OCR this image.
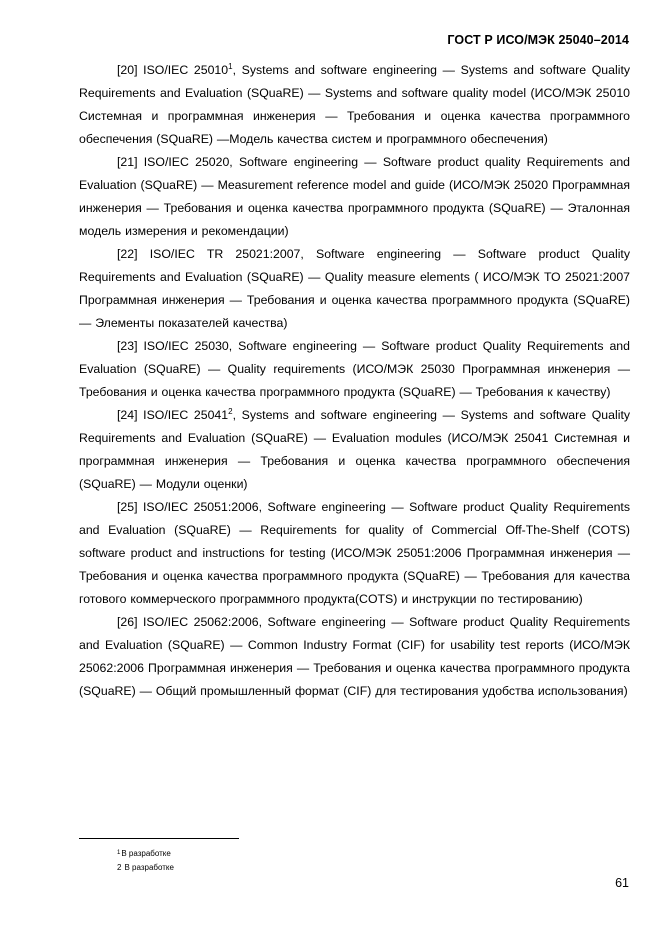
ГОСТ Р ИСО/МЭК 25040–2014

[20] ISO/IEC 25010$^1$, Systems and software engineering — Systems and software Quality Requirements and Evaluation (SQuaRE) — Systems and software quality model (ИСО/МЭК 25010 Системная и программная инженерия — Требования и оценка качества программного обеспечения (SQuaRE) —Модель качества систем и программного обеспечения)

[21] ISO/IEC 25020, Software engineering — Software product quality Requirements and Evaluation (SQuaRE) — Measurement reference model and guide (ИСО/МЭК 25020 Программная инженерия — Требования и оценка качества программного продукта (SQuaRE) — Эталонная модель измерения и рекомендации)

[22] ISO/IEC TR 25021:2007, Software engineering — Software product Quality Requirements and Evaluation (SQuaRE) — Quality measure elements ( ИСО/МЭК ТО 25021:2007 Программная инженерия — Требования и оценка качества программного продукта (SQuaRE) — Элементы показателей качества)

[23] ISO/IEC 25030, Software engineering — Software product Quality Requirements and Evaluation (SQuaRE) — Quality requirements (ИСО/МЭК 25030 Программная инженерия — Требования и оценка качества программного продукта (SQuaRE) — Требования к качеству)

[24] ISO/IEC 25041$^2$, Systems and software engineering — Systems and software Quality Requirements and Evaluation (SQuaRE) — Evaluation modules (ИСО/МЭК 25041 Системная и программная инженерия — Требования и оценка качества программного обеспечения (SQuaRE) — Модули оценки)

[25] ISO/IEC 25051:2006, Software engineering — Software product Quality Requirements and Evaluation (SQuaRE) — Requirements for quality of Commercial Off-The-Shelf (COTS) software product and instructions for testing (ИСО/МЭК 25051:2006 Программная инженерия — Требования и оценка качества программного продукта (SQuaRE) — Требования для качества готового коммерческого программного продукта(COTS) и инструкции по тестированию)

[26] ISO/IEC 25062:2006, Software engineering — Software product Quality Requirements and Evaluation (SQuaRE) — Common Industry Format (CIF) for usability test reports (ИСО/МЭК 25062:2006 Программная инженерия — Требования и оценка качества программного продукта (SQuaRE) — Общий промышленный формат (CIF) для тестирования удобства использования)

1В разработке
2 В разработке
61
